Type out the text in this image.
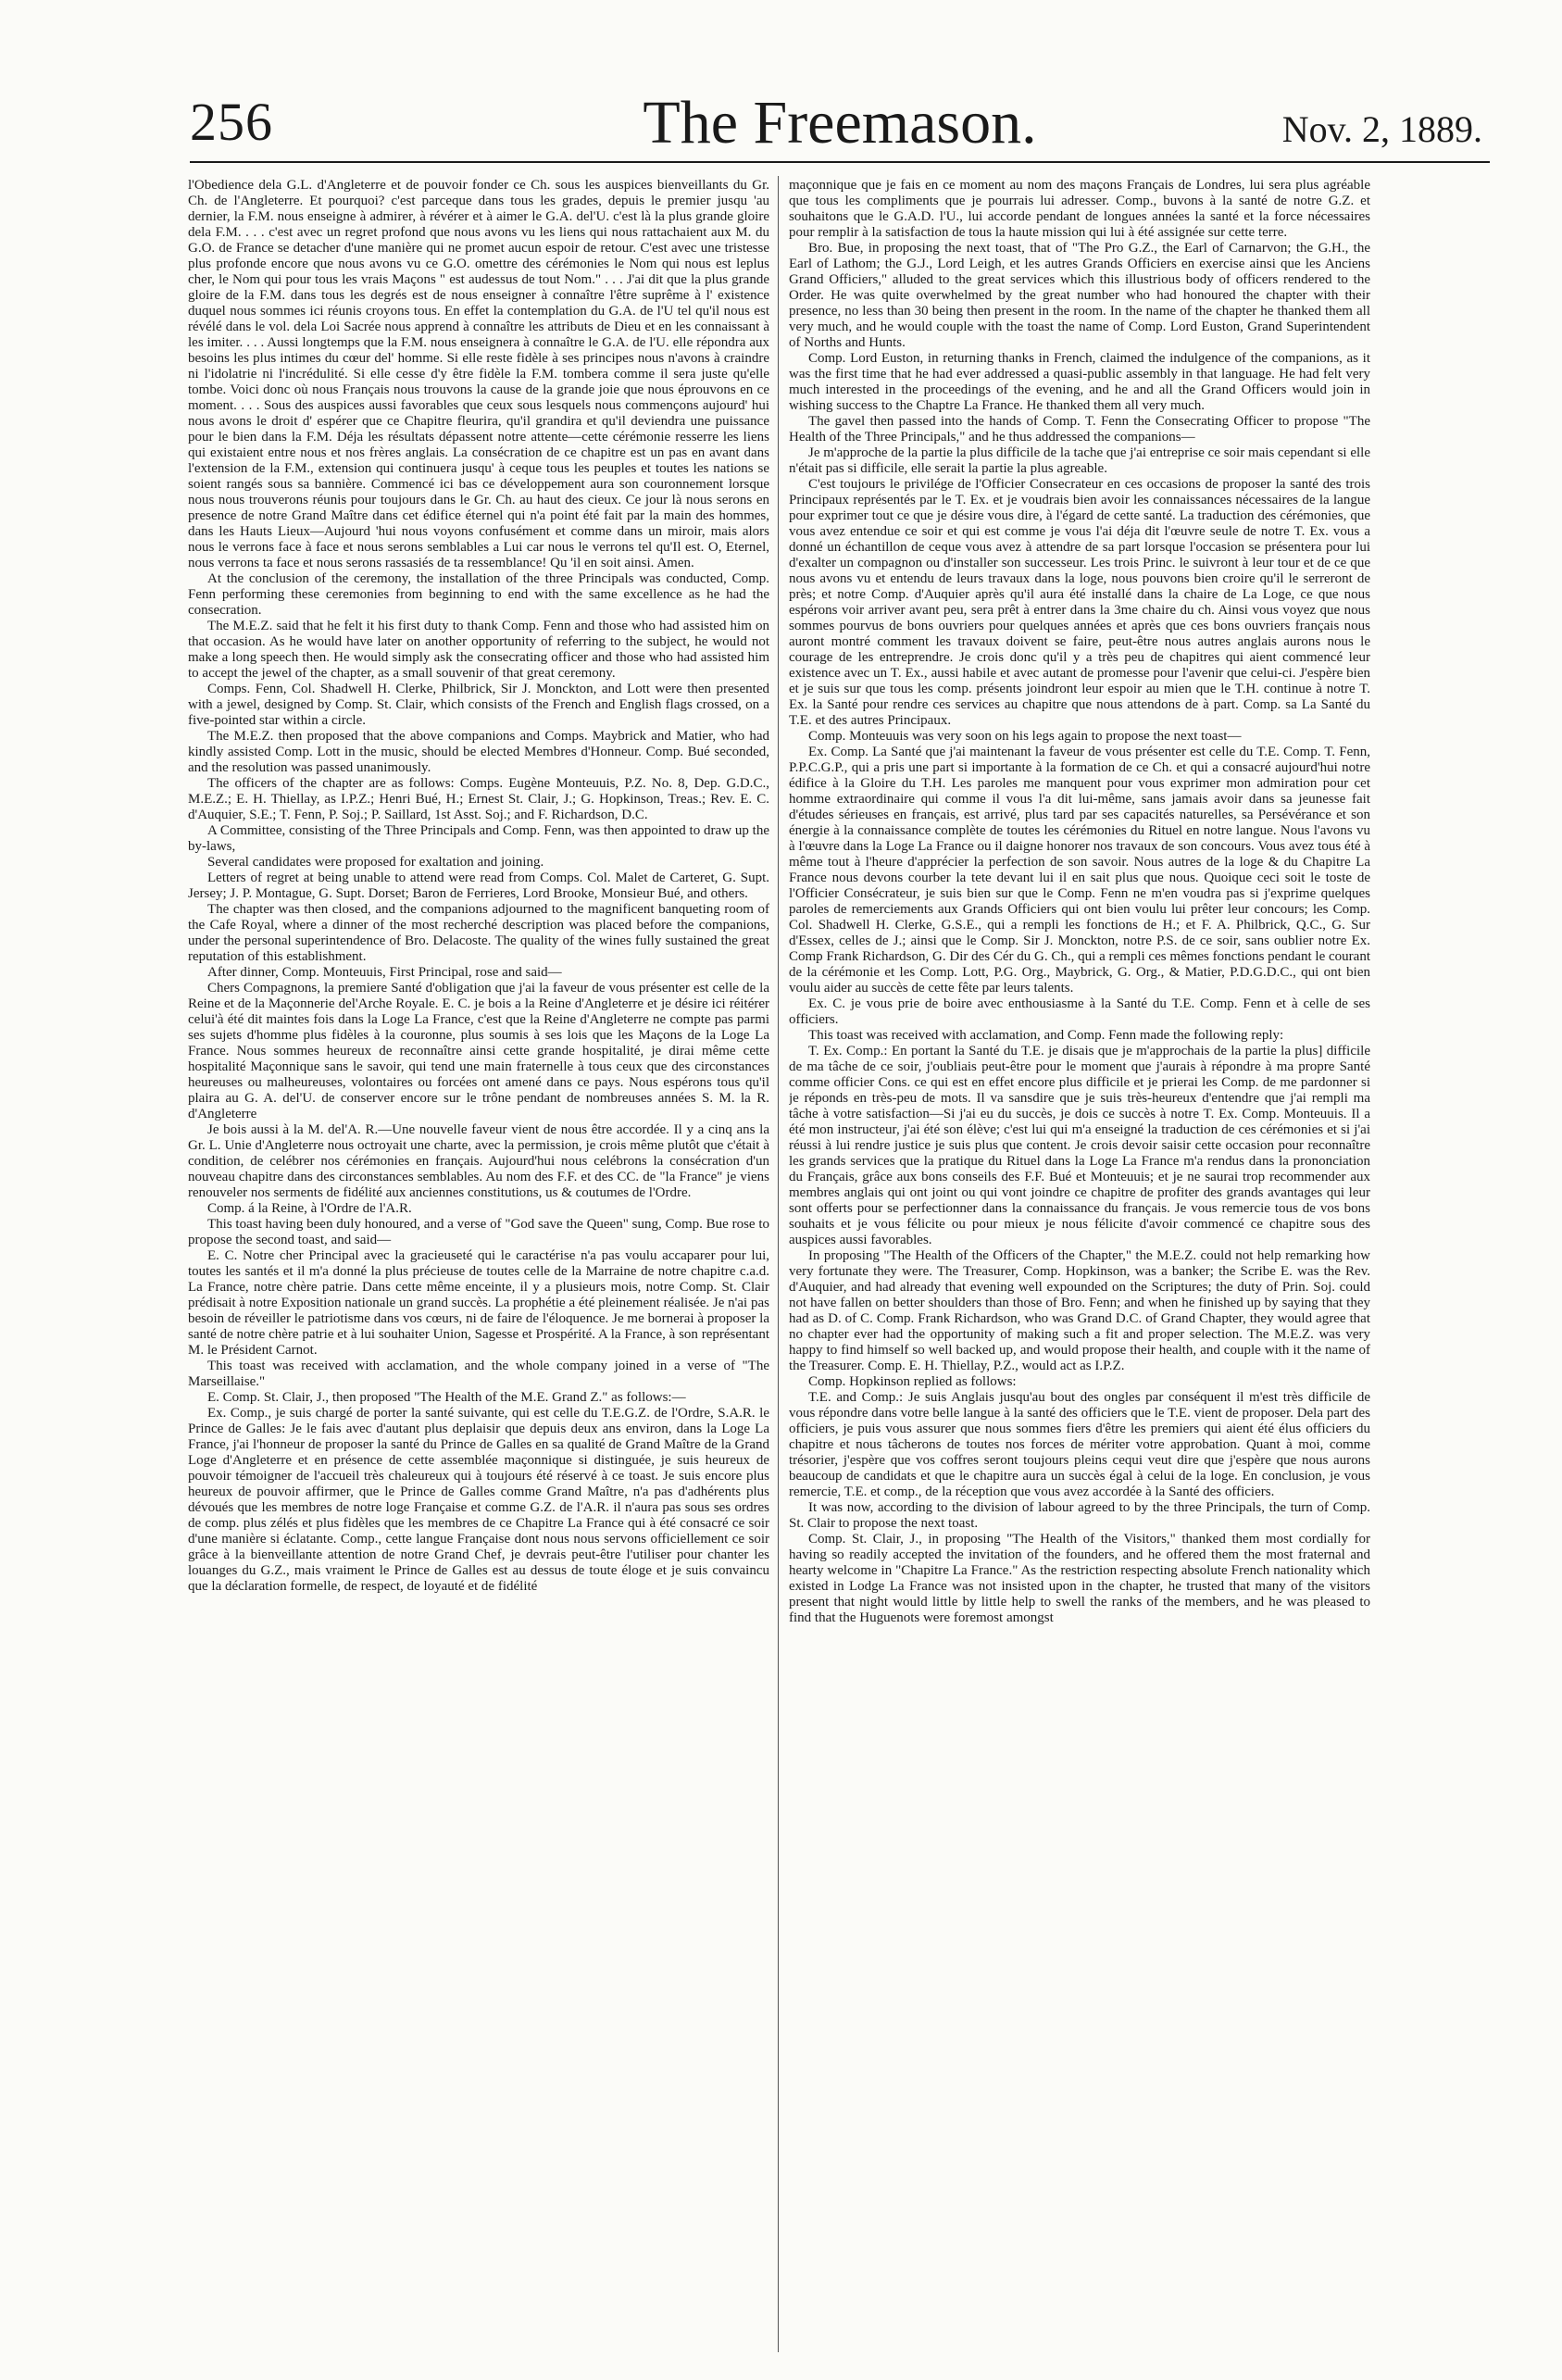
256	The Freemason.	Nov. 2, 1889.

l'Obedience dela G.L. d'Angleterre et de pouvoir fonder ce Ch. sous les auspices bienveillants du Gr. Ch. de l'Angleterre. Et pourquoi? c'est parceque dans tous les grades, depuis le premier jusqu 'au dernier, la F.M. nous enseigne à admirer, à révérer et à aimer le G.A. del'U. c'est là la plus grande gloire dela F.M. . . . c'est avec un regret profond que nous avons vu les liens qui nous rattachaient aux M. du G.O. de France se detacher d'une manière qui ne promet aucun espoir de retour. C'est avec une tristesse plus profonde encore que nous avons vu ce G.O. omettre des cérémonies le Nom qui nous est leplus cher, le Nom qui pour tous les vrais Maçons " est audessus de tout Nom." . . . J'ai dit que la plus grande gloire de la F.M. dans tous les degrés est de nous enseigner à connaître l'être suprême à l' existence duquel nous sommes ici réunis croyons tous. En effet la contemplation du G.A. de l'U tel qu'il nous est révélé dans le vol. dela Loi Sacrée nous apprend à connaître les attributs de Dieu et en les connaissant à les imiter. . . . Aussi longtemps que la F.M. nous enseignera à connaître le G.A. de l'U. elle répondra aux besoins les plus intimes du cœur del' homme. Si elle reste fidèle à ses principes nous n'avons à craindre ni l'idolatrie ni l'incrédulité. Si elle cesse d'y être fidèle la F.M. tombera comme il sera juste qu'elle tombe. Voici donc où nous Français nous trouvons la cause de la grande joie que nous éprouvons en ce moment. . . . Sous des auspices aussi favorables que ceux sous lesquels nous commençons aujourd' hui nous avons le droit d' espérer que ce Chapitre fleurira, qu'il grandira et qu'il deviendra une puissance pour le bien dans la F.M. Déja les résultats dépassent notre attente—cette cérémonie resserre les liens qui existaient entre nous et nos frères anglais. La consécration de ce chapitre est un pas en avant dans l'extension de la F.M., extension qui continuera jusqu' à ceque tous les peuples et toutes les nations se soient rangés sous sa bannière. Commencé ici bas ce développement aura son couronnement lorsque nous nous trouverons réunis pour toujours dans le Gr. Ch. au haut des cieux. Ce jour là nous serons en presence de notre Grand Maître dans cet édifice éternel qui n'a point été fait par la main des hommes, dans les Hauts Lieux—Aujourd 'hui nous voyons confusément et comme dans un miroir, mais alors nous le verrons face à face et nous serons semblables a Lui car nous le verrons tel qu'Il est. O, Eternel, nous verrons ta face et nous serons rassasiés de ta ressemblance! Qu 'il en soit ainsi. Amen.

At the conclusion of the ceremony, the installation of the three Principals was conducted, Comp. Fenn performing these ceremonies from beginning to end with the same excellence as he had the consecration.

The M.E.Z. said that he felt it his first duty to thank Comp. Fenn and those who had assisted him on that occasion. As he would have later on another opportunity of referring to the subject, he would not make a long speech then. He would simply ask the consecrating officer and those who had assisted him to accept the jewel of the chapter, as a small souvenir of that great ceremony.

Comps. Fenn, Col. Shadwell H. Clerke, Philbrick, Sir J. Monckton, and Lott were then presented with a jewel, designed by Comp. St. Clair, which consists of the French and English flags crossed, on a five-pointed star within a circle.

The M.E.Z. then proposed that the above companions and Comps. Maybrick and Matier, who had kindly assisted Comp. Lott in the music, should be elected Membres d'Honneur. Comp. Bué seconded, and the resolution was passed unanimously.

The officers of the chapter are as follows: Comps. Eugène Monteuuis, P.Z. No. 8, Dep. G.D.C., M.E.Z.; E. H. Thiellay, as I.P.Z.; Henri Bué, H.; Ernest St. Clair, J.; G. Hopkinson, Treas.; Rev. E. C. d'Auquier, S.E.; T. Fenn, P. Soj.; P. Saillard, 1st Asst. Soj.; and F. Richardson, D.C.

A Committee, consisting of the Three Principals and Comp. Fenn, was then appointed to draw up the by-laws,

Several candidates were proposed for exaltation and joining.

Letters of regret at being unable to attend were read from Comps. Col. Malet de Carteret, G. Supt. Jersey; J. P. Montague, G. Supt. Dorset; Baron de Ferrieres, Lord Brooke, Monsieur Bué, and others.

The chapter was then closed, and the companions adjourned to the magnificent banqueting room of the Cafe Royal, where a dinner of the most recherché description was placed before the companions, under the personal superintendence of Bro. Delacoste. The quality of the wines fully sustained the great reputation of this establishment.

After dinner, Comp. Monteuuis, First Principal, rose and said—

Chers Compagnons, la premiere Santé d'obligation que j'ai la faveur de vous présenter est celle de la Reine et de la Maçonnerie del'Arche Royale. E. C. je bois a la Reine d'Angleterre et je désire ici réitérer celui'à été dit maintes fois dans la Loge La France, c'est que la Reine d'Angleterre ne compte pas parmi ses sujets d'homme plus fidèles à la couronne, plus soumis à ses lois que les Maçons de la Loge La France. Nous sommes heureux de reconnaître ainsi cette grande hospitalité, je dirai même cette hospitalité Maçonnique sans le savoir, qui tend une main fraternelle à tous ceux que des circonstances heureuses ou malheureuses, volontaires ou forcées ont amené dans ce pays. Nous espérons tous qu'il plaira au G. A. del'U. de conserver encore sur le trône pendant de nombreuses années S. M. la R. d'Angleterre

Je bois aussi à la M. del'A. R.—Une nouvelle faveur vient de nous être accordée. Il y a cinq ans la Gr. L. Unie d'Angleterre nous octroyait une charte, avec la permission, je crois même plutôt que c'était à condition, de celébrer nos cérémonies en français. Aujourd'hui nous celébrons la consécration d'un nouveau chapitre dans des circonstances semblables. Au nom des F.F. et des CC. de "la France" je viens renouveler nos serments de fidélité aux anciennes constitutions, us & coutumes de l'Ordre.

Comp. á la Reine, à l'Ordre de l'A.R.

This toast having been duly honoured, and a verse of "God save the Queen" sung, Comp. Bue rose to propose the second toast, and said—

E. C. Notre cher Principal avec la gracieuseté qui le caractérise n'a pas voulu accaparer pour lui, toutes les santés et il m'a donné la plus précieuse de toutes celle de la Marraine de notre chapitre c.a.d. La France, notre chère patrie. Dans cette même enceinte, il y a plusieurs mois, notre Comp. St. Clair prédisait à notre Exposition nationale un grand succès. La prophétie a été pleinement réalisée. Je n'ai pas besoin de réveiller le patriotisme dans vos cœurs, ni de faire de l'éloquence. Je me bornerai à proposer la santé de notre chère patrie et à lui souhaiter Union, Sagesse et Prospérité. A la France, à son représentant M. le Président Carnot.

This toast was received with acclamation, and the whole company joined in a verse of "The Marseillaise."

E. Comp. St. Clair, J., then proposed "The Health of the M.E. Grand Z." as follows:—

Ex. Comp., je suis chargé de porter la santé suivante, qui est celle du T.E.G.Z. de l'Ordre, S.A.R. le Prince de Galles: Je le fais avec d'autant plus deplaisir que depuis deux ans environ, dans la Loge La France, j'ai l'honneur de proposer la santé du Prince de Galles en sa qualité de Grand Maître de la Grand Loge d'Angleterre et en présence de cette assemblée maçonnique si distinguée, je suis heureux de pouvoir témoigner de l'accueil très chaleureux qui à toujours été réservé à ce toast. Je suis encore plus heureux de pouvoir affirmer, que le Prince de Galles comme Grand Maître, n'a pas d'adhérents plus dévoués que les membres de notre loge Française et comme G.Z. de l'A.R. il n'aura pas sous ses ordres de comp. plus zélés et plus fidèles que les membres de ce Chapitre La France qui à été consacré ce soir d'une manière si éclatante. Comp., cette langue Française dont nous nous servons officiellement ce soir grâce à la bienveillante attention de notre Grand Chef, je devrais peut-être l'utiliser pour chanter les louanges du G.Z., mais vraiment le Prince de Galles est au dessus de toute éloge et je suis convaincu que la déclaration formelle, de respect, de loyauté et de fidélité

maçonnique que je fais en ce moment au nom des maçons Français de Londres, lui sera plus agréable que tous les compliments que je pourrais lui adresser. Comp., buvons à la santé de notre G.Z. et souhaitons que le G.A.D. l'U., lui accorde pendant de longues années la santé et la force nécessaires pour remplir à la satisfaction de tous la haute mission qui lui à été assignée sur cette terre.

Bro. Bue, in proposing the next toast, that of "The Pro G.Z., the Earl of Carnarvon; the G.H., the Earl of Lathom; the G.J., Lord Leigh, et les autres Grands Officiers en exercise ainsi que les Anciens Grand Officiers," alluded to the great services which this illustrious body of officers rendered to the Order. He was quite overwhelmed by the great number who had honoured the chapter with their presence, no less than 30 being then present in the room. In the name of the chapter he thanked them all very much, and he would couple with the toast the name of Comp. Lord Euston, Grand Superintendent of Norths and Hunts.

Comp. Lord Euston, in returning thanks in French, claimed the indulgence of the companions, as it was the first time that he had ever addressed a quasi-public assembly in that language. He had felt very much interested in the proceedings of the evening, and he and all the Grand Officers would join in wishing success to the Chaptre La France. He thanked them all very much.

The gavel then passed into the hands of Comp. T. Fenn the Consecrating Officer to propose "The Health of the Three Principals," and he thus addressed the companions—

Je m'approche de la partie la plus difficile de la tache que j'ai entreprise ce soir mais cependant si elle n'était pas si difficile, elle serait la partie la plus agreable.

C'est toujours le privilége de l'Officier Consecrateur en ces occasions de proposer la santé des trois Principaux représentés par le T. Ex. et je voudrais bien avoir les connaissances nécessaires de la langue pour exprimer tout ce que je désire vous dire, à l'égard de cette santé. La traduction des cérémonies, que vous avez entendue ce soir et qui est comme je vous l'ai déja dit l'œuvre seule de notre T. Ex. vous a donné un échantillon de ceque vous avez à attendre de sa part lorsque l'occasion se présentera pour lui d'exalter un compagnon ou d'installer son successeur. Les trois Princ. le suivront à leur tour et de ce que nous avons vu et entendu de leurs travaux dans la loge, nous pouvons bien croire qu'il le serreront de près; et notre Comp. d'Auquier après qu'il aura été installé dans la chaire de La Loge, ce que nous espérons voir arriver avant peu, sera prêt à entrer dans la 3me chaire du ch. Ainsi vous voyez que nous sommes pourvus de bons ouvriers pour quelques années et après que ces bons ouvriers français nous auront montré comment les travaux doivent se faire, peut-être nous autres anglais aurons nous le courage de les entreprendre. Je crois donc qu'il y a très peu de chapitres qui aient commencé leur existence avec un T. Ex., aussi habile et avec autant de promesse pour l'avenir que celui-ci. J'espère bien et je suis sur que tous les comp. présents joindront leur espoir au mien que le T.H. continue à notre T. Ex. la Santé pour rendre ces services au chapitre que nous attendons de à part. Comp. sa La Santé du T.E. et des autres Principaux.

Comp. Monteuuis was very soon on his legs again to propose the next toast—

Ex. Comp. La Santé que j'ai maintenant la faveur de vous présenter est celle du T.E. Comp. T. Fenn, P.P.C.G.P., qui a pris une part si importante à la formation de ce Ch. et qui a consacré aujourd'hui notre édifice à la Gloire du T.H. Les paroles me manquent pour vous exprimer mon admiration pour cet homme extraordinaire qui comme il vous l'a dit lui-même, sans jamais avoir dans sa jeunesse fait d'études sérieuses en français, est arrivé, plus tard par ses capacités naturelles, sa Persévérance et son énergie à la connaissance complète de toutes les cérémonies du Rituel en notre langue. Nous l'avons vu à l'œuvre dans la Loge La France ou il daigne honorer nos travaux de son concours. Vous avez tous été à même tout à l'heure d'apprécier la perfection de son savoir. Nous autres de la loge & du Chapitre La France nous devons courber la tete devant lui il en sait plus que nous. Quoique ceci soit le toste de l'Officier Consécrateur, je suis bien sur que le Comp. Fenn ne m'en voudra pas si j'exprime quelques paroles de remerciements aux Grands Officiers qui ont bien voulu lui prêter leur concours; les Comp. Col. Shadwell H. Clerke, G.S.E., qui a rempli les fonctions de H.; et F. A. Philbrick, Q.C., G. Sur d'Essex, celles de J.; ainsi que le Comp. Sir J. Monckton, notre P.S. de ce soir, sans oublier notre Ex. Comp Frank Richardson, G. Dir des Cér du G. Ch., qui a rempli ces mêmes fonctions pendant le courant de la cérémonie et les Comp. Lott, P.G. Org., Maybrick, G. Org., & Matier, P.D.G.D.C., qui ont bien voulu aider au succès de cette fête par leurs talents.

Ex. C. je vous prie de boire avec enthousiasme à la Santé du T.E. Comp. Fenn et à celle de ses officiers.

This toast was received with acclamation, and Comp. Fenn made the following reply:

T. Ex. Comp.: En portant la Santé du T.E. je disais que je m'approchais de la partie la plus] difficile de ma tâche de ce soir, j'oubliais peut-être pour le moment que j'aurais à répondre à ma propre Santé comme officier Cons. ce qui est en effet encore plus difficile et je prierai les Comp. de me pardonner si je réponds en très-peu de mots. Il va sansdire que je suis très-heureux d'entendre que j'ai rempli ma tâche à votre satisfaction—Si j'ai eu du succès, je dois ce succès à notre T. Ex. Comp. Monteuuis. Il a été mon instructeur, j'ai été son élève; c'est lui qui m'a enseigné la traduction de ces cérémonies et si j'ai réussi à lui rendre justice je suis plus que content. Je crois devoir saisir cette occasion pour reconnaître les grands services que la pratique du Rituel dans la Loge La France m'a rendus dans la prononciation du Français, grâce aux bons conseils des F.F. Bué et Monteuuis; et je ne saurai trop recommender aux membres anglais qui ont joint ou qui vont joindre ce chapitre de profiter des grands avantages qui leur sont offerts pour se perfectionner dans la connaissance du français. Je vous remercie tous de vos bons souhaits et je vous félicite ou pour mieux je nous félicite d'avoir commencé ce chapitre sous des auspices aussi favorables.

In proposing "The Health of the Officers of the Chapter," the M.E.Z. could not help remarking how very fortunate they were. The Treasurer, Comp. Hopkinson, was a banker; the Scribe E. was the Rev. d'Auquier, and had already that evening well expounded on the Scriptures; the duty of Prin. Soj. could not have fallen on better shoulders than those of Bro. Fenn; and when he finished up by saying that they had as D. of C. Comp. Frank Richardson, who was Grand D.C. of Grand Chapter, they would agree that no chapter ever had the opportunity of making such a fit and proper selection. The M.E.Z. was very happy to find himself so well backed up, and would propose their health, and couple with it the name of the Treasurer. Comp. E. H. Thiellay, P.Z., would act as I.P.Z.

Comp. Hopkinson replied as follows:

T.E. and Comp.: Je suis Anglais jusqu'au bout des ongles par conséquent il m'est très difficile de vous répondre dans votre belle langue à la santé des officiers que le T.E. vient de proposer. Dela part des officiers, je puis vous assurer que nous sommes fiers d'être les premiers qui aient été élus officiers du chapitre et nous tâcherons de toutes nos forces de mériter votre approbation. Quant à moi, comme trésorier, j'espère que vos coffres seront toujours pleins cequi veut dire que j'espère que nous aurons beaucoup de candidats et que le chapitre aura un succès égal à celui de la loge. En conclusion, je vous remercie, T.E. et comp., de la réception que vous avez accordée à la Santé des officiers.

It was now, according to the division of labour agreed to by the three Principals, the turn of Comp. St. Clair to propose the next toast.

Comp. St. Clair, J., in proposing "The Health of the Visitors," thanked them most cordially for having so readily accepted the invitation of the founders, and he offered them the most fraternal and hearty welcome in "Chapitre La France." As the restriction respecting absolute French nationality which existed in Lodge La France was not insisted upon in the chapter, he trusted that many of the visitors present that night would little by little help to swell the ranks of the members, and he was pleased to find that the Huguenots were foremost amongst
